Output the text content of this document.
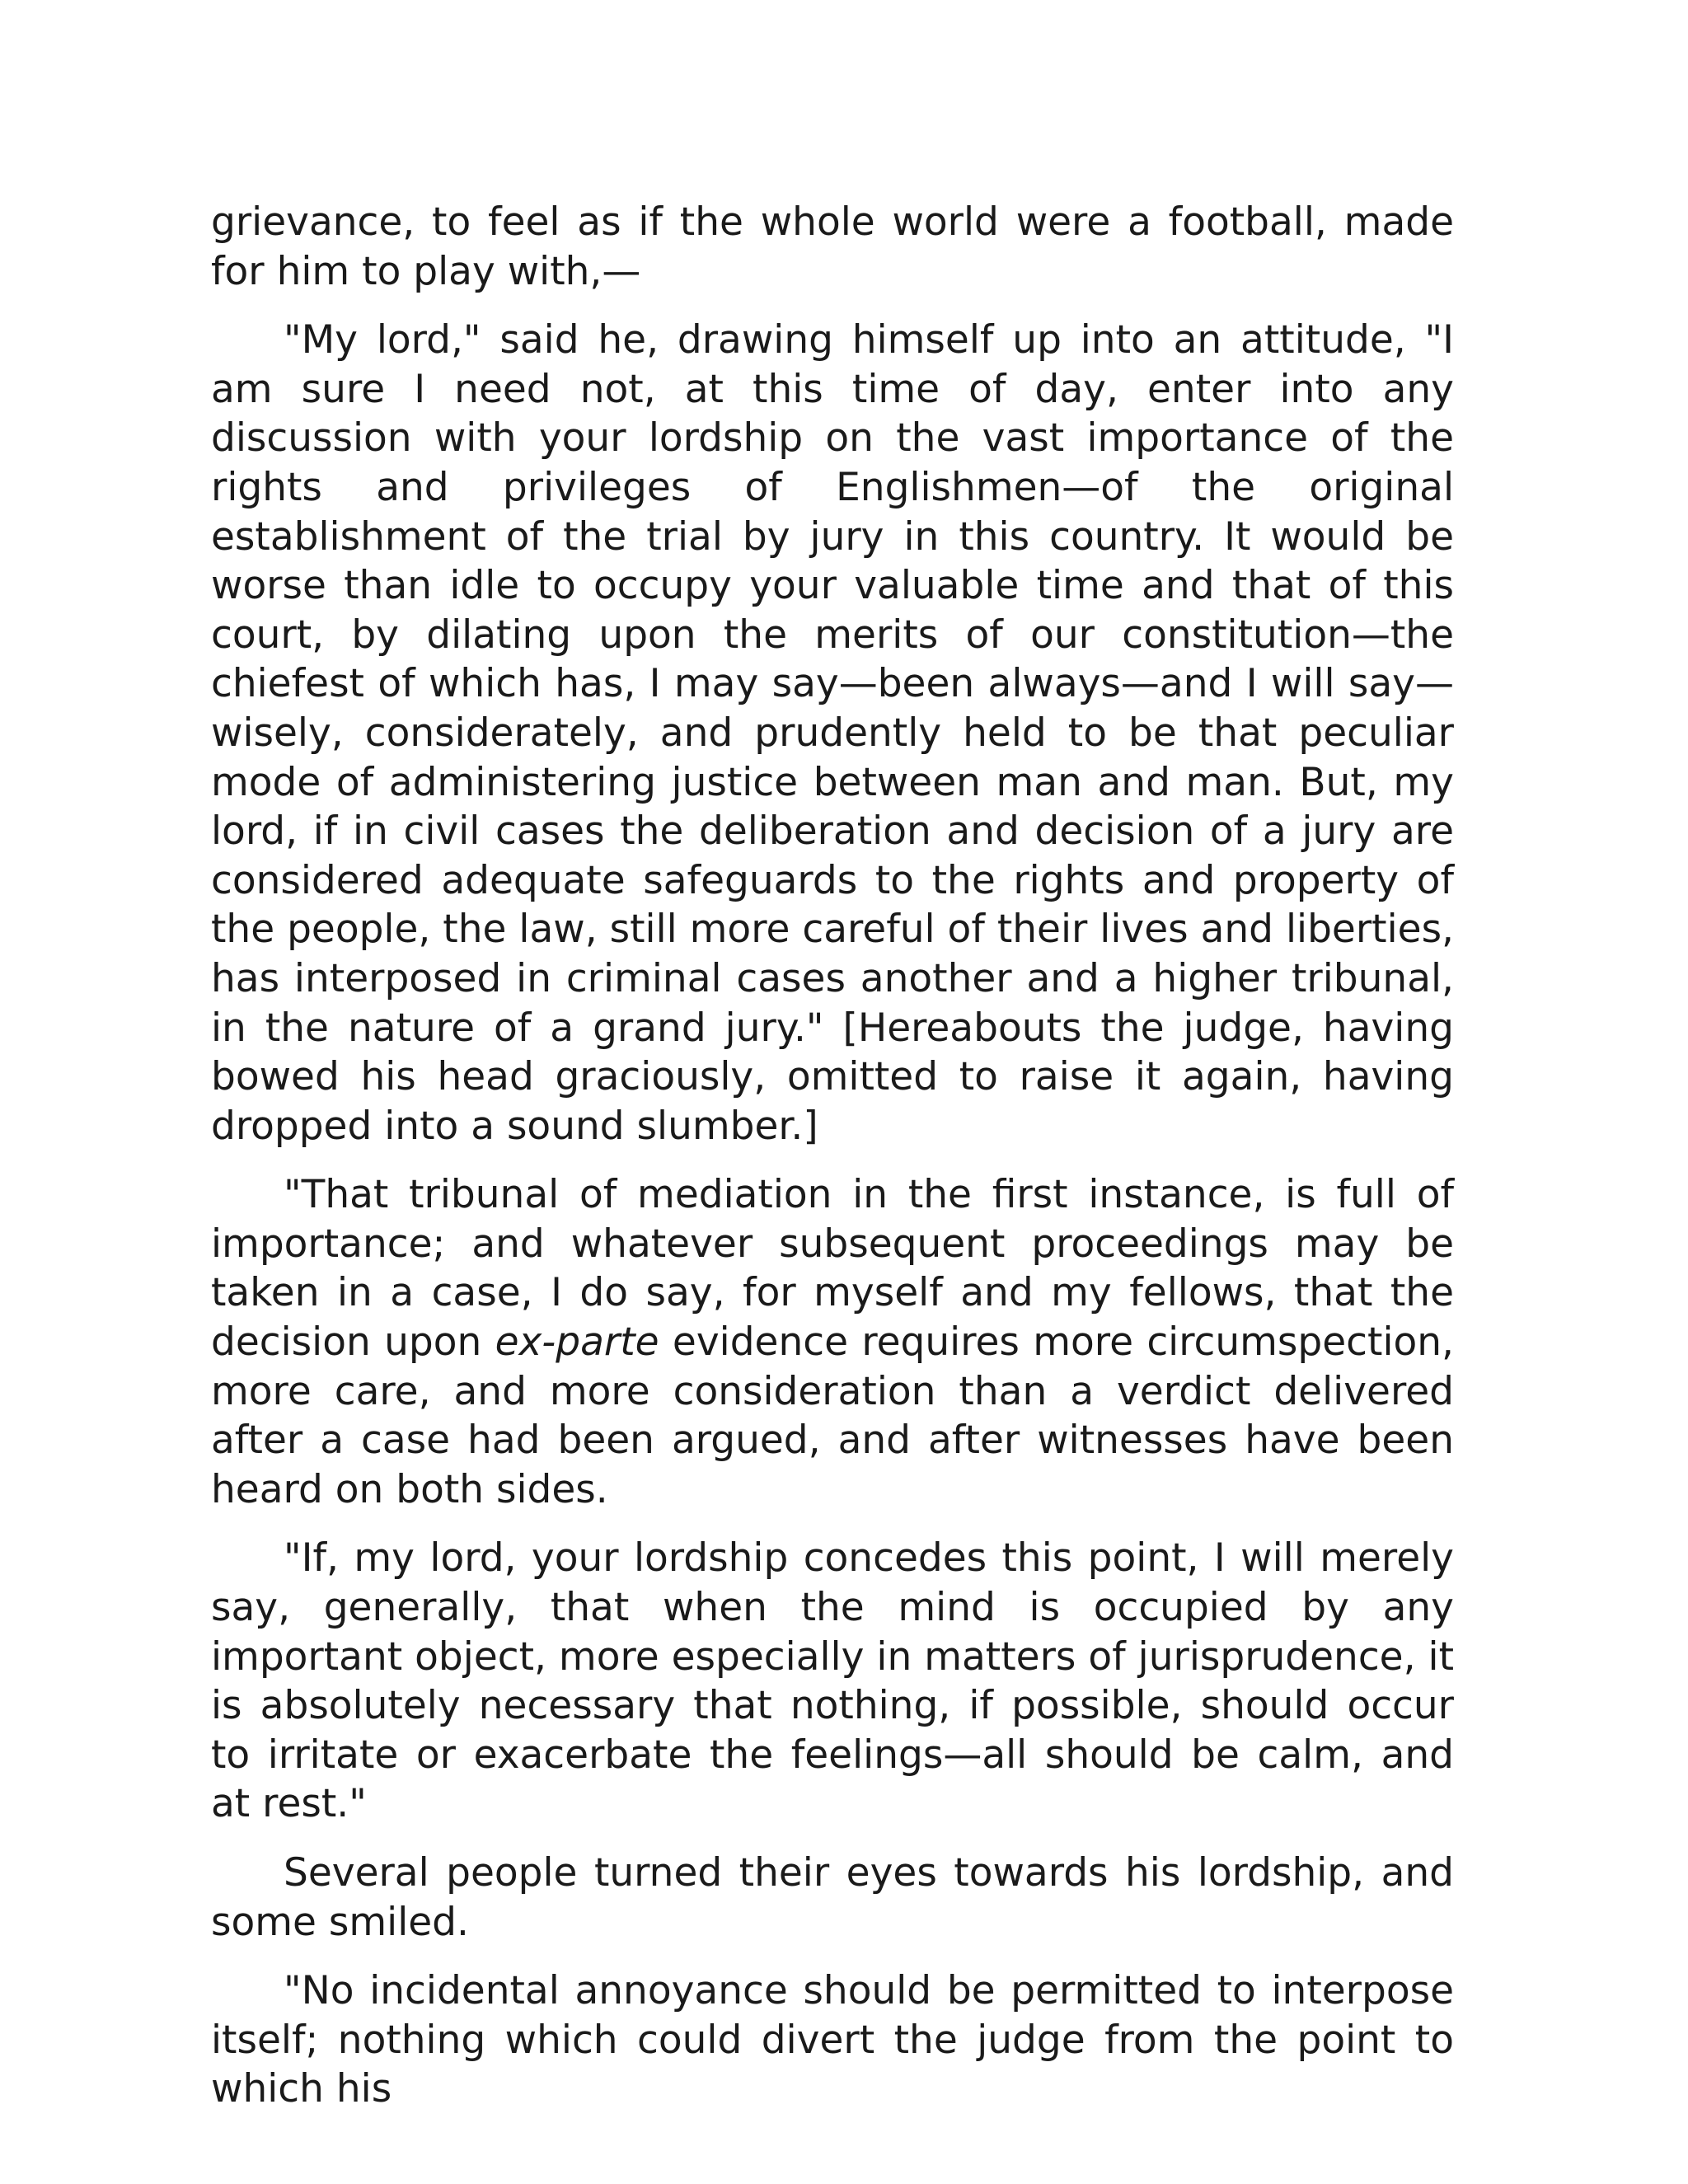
grievance, to feel as if the whole world were a football, made for him to play with,—

"My lord," said he, drawing himself up into an attitude, "I am sure I need not, at this time of day, enter into any discussion with your lordship on the vast importance of the rights and privileges of Englishmen—of the original establishment of the trial by jury in this country. It would be worse than idle to occupy your valuable time and that of this court, by dilating upon the merits of our constitution—the chiefest of which has, I may say—been always—and I will say—wisely, considerately, and prudently held to be that peculiar mode of administering justice between man and man. But, my lord, if in civil cases the deliberation and decision of a jury are considered adequate safeguards to the rights and property of the people, the law, still more careful of their lives and liberties, has interposed in criminal cases another and a higher tribunal, in the nature of a grand jury." [Hereabouts the judge, having bowed his head graciously, omitted to raise it again, having dropped into a sound slumber.]

"That tribunal of mediation in the first instance, is full of importance; and whatever subsequent proceedings may be taken in a case, I do say, for myself and my fellows, that the decision upon ex-parte evidence requires more circumspection, more care, and more consideration than a verdict delivered after a case had been argued, and after witnesses have been heard on both sides.

"If, my lord, your lordship concedes this point, I will merely say, generally, that when the mind is occupied by any important object, more especially in matters of jurisprudence, it is absolutely necessary that nothing, if possible, should occur to irritate or exacerbate the feelings—all should be calm, and at rest."

Several people turned their eyes towards his lordship, and some smiled.

"No incidental annoyance should be permitted to interpose itself; nothing which could divert the judge from the point to which his
